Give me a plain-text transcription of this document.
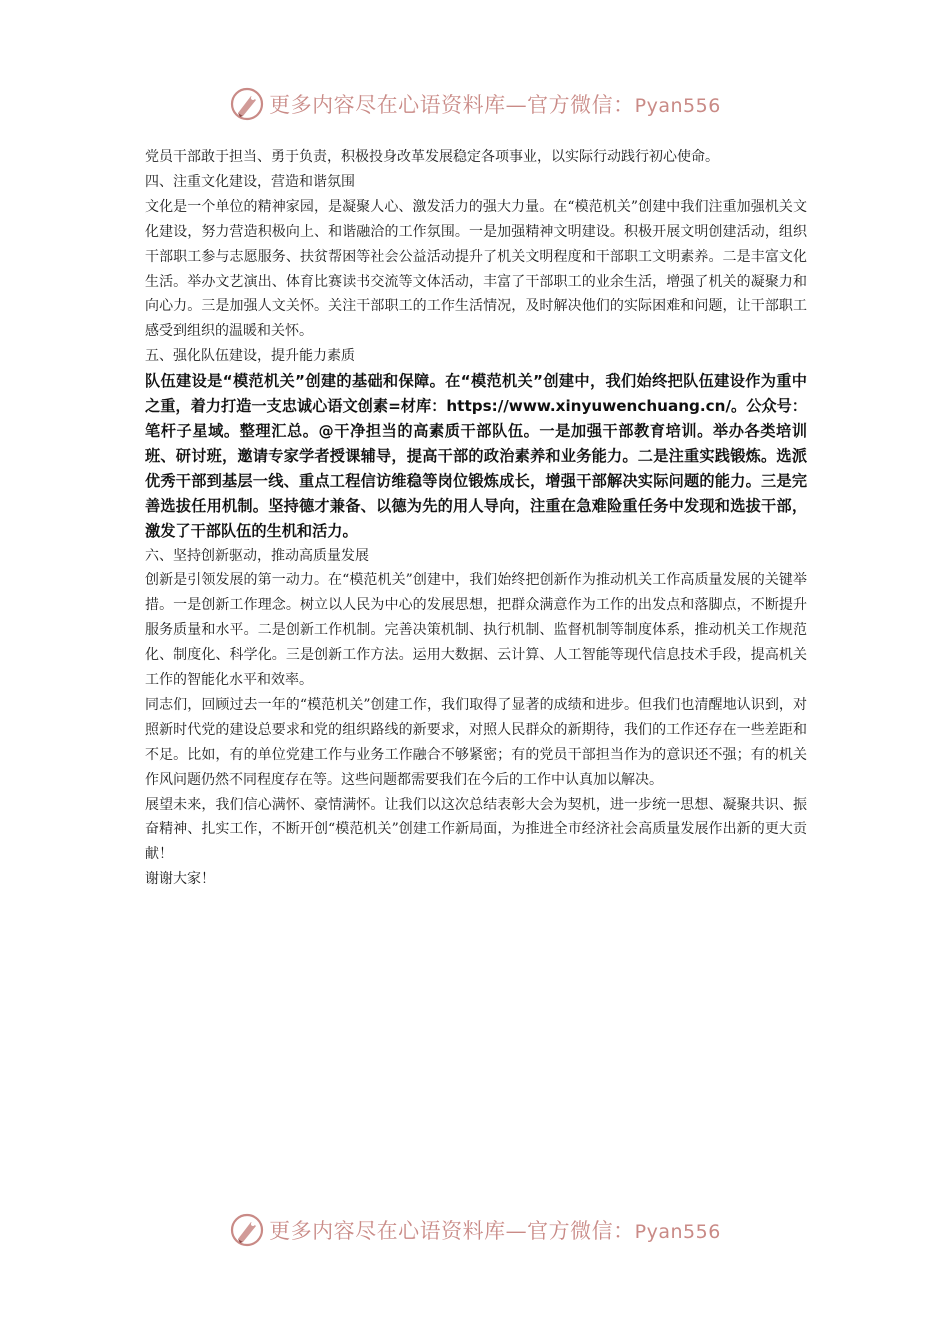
更多内容尽在心语资料库—官方微信：Pyan556

党员干部敢于担当、勇于负责，积极投身改革发展稳定各项事业，以实际行动践行初心使命。

四、注重文化建设，营造和谐氛围

文化是一个单位的精神家园，是凝聚人心、激发活力的强大力量。在“模范机关”创建中我们注重加强机关文化建设，努力营造积极向上、和谐融洽的工作氛围。一是加强精神文明建设。积极开展文明创建活动，组织干部职工参与志愿服务、扶贫帮困等社会公益活动提升了机关文明程度和干部职工文明素养。二是丰富文化生活。举办文艺演出、体育比赛读书交流等文体活动，丰富了干部职工的业余生活，增强了机关的凝聚力和向心力。三是加强人文关怀。关注干部职工的工作生活情况，及时解决他们的实际困难和问题，让干部职工感受到组织的温暖和关怀。

五、强化队伍建设，提升能力素质

队伍建设是“模范机关”创建的基础和保障。在“模范机关”创建中，我们始终把队伍建设作为重中之重，着力打造一支忠诚心语文创素=材库：https://www.xinyuwenchuang.cn/。公众号：笔杆子星域。整理汇总。@干净担当的高素质干部队伍。一是加强干部教育培训。举办各类培训班、研讨班，邀请专家学者授课辅导，提高干部的政治素养和业务能力。二是注重实践锻炼。选派优秀干部到基层一线、重点工程信访维稳等岗位锻炼成长，增强干部解决实际问题的能力。三是完善选拔任用机制。坚持德才兼备、以德为先的用人导向，注重在急难险重任务中发现和选拔干部，激发了干部队伍的生机和活力。

六、坚持创新驱动，推动高质量发展

创新是引领发展的第一动力。在“模范机关”创建中，我们始终把创新作为推动机关工作高质量发展的关键举措。一是创新工作理念。树立以人民为中心的发展思想，把群众满意作为工作的出发点和落脚点，不断提升服务质量和水平。二是创新工作机制。完善决策机制、执行机制、监督机制等制度体系，推动机关工作规范化、制度化、科学化。三是创新工作方法。运用大数据、云计算、人工智能等现代信息技术手段，提高机关工作的智能化水平和效率。

同志们，回顾过去一年的“模范机关”创建工作，我们取得了显著的成绩和进步。但我们也清醒地认识到，对照新时代党的建设总要求和党的组织路线的新要求，对照人民群众的新期待，我们的工作还存在一些差距和不足。比如，有的单位党建工作与业务工作融合不够紧密；有的党员干部担当作为的意识还不强；有的机关作风问题仍然不同程度存在等。这些问题都需要我们在今后的工作中认真加以解决。

展望未来，我们信心满怀、豪情满怀。让我们以这次总结表彰大会为契机，进一步统一思想、凝聚共识、振奋精神、扎实工作，不断开创“模范机关”创建工作新局面，为推进全市经济社会高质量发展作出新的更大贡献！

谢谢大家！

更多内容尽在心语资料库—官方微信：Pyan556
